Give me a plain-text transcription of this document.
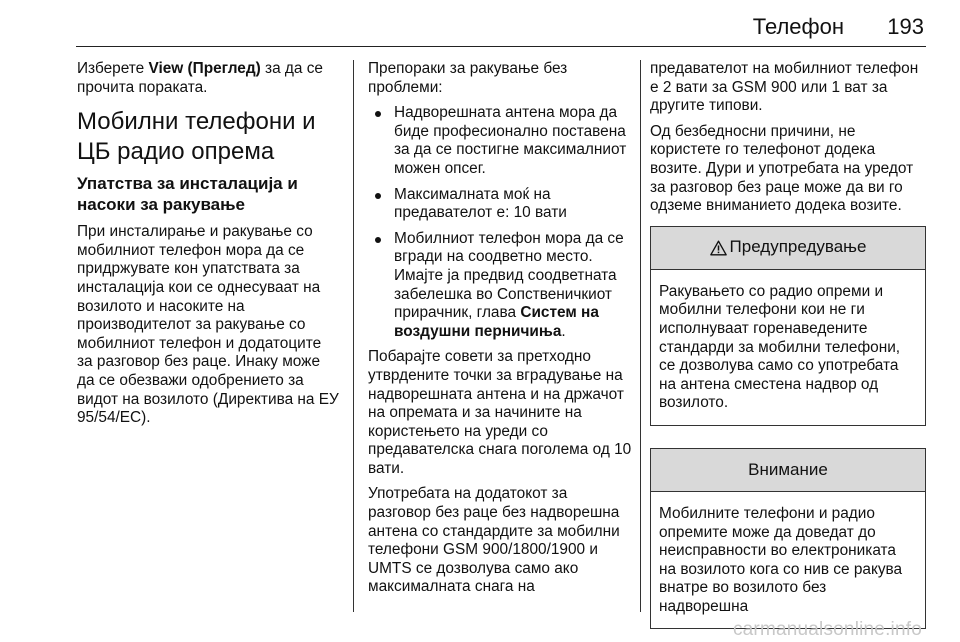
Телефон 193

Изберете View (Преглед) за да се прочита пораката.

Мобилни телефони и ЦБ радио опрема
Упатства за инсталација и насоки за ракување

При инсталирање и ракување со мобилниот телефон мора да се придржувате кон упатствата за инсталација кои се однесуваат на возилото и насоките на производителот за ракување со мобилниот телефон и додатоците за разговор без раце. Инаку може да се обезважи одобрението за видот на возилото (Директива на ЕУ 95/54/ЕС).

Препораки за ракување без проблеми:

Надворешната антена мора да биде професионално поставена за да се постигне максималниот можен опсег.
Максималната моќ на предавателот е: 10 вати
Мобилниот телефон мора да се вгради на соодветно место. Имајте ја предвид соодветната забелешка во Сопственичкиот прирачник, глава Систем на воздушни перничиња.

Побарајте совети за претходно утврдените точки за вградување на надворешната антена и на држачот на опремата и за начините на користењето на уреди со предавателска снага поголема од 10 вати.

Употребата на додатокот за разговор без раце без надворешна антена со стандардите за мобилни телефони GSM 900/1800/1900 и UMTS се дозволува само ако максималната снага на

предавателот на мобилниот телефон е 2 вати за GSM 900 или 1 ват за другите типови.

Од безбедносни причини, не користете го телефонот додека возите. Дури и употребата на уредот за разговор без раце може да ви го одземе вниманието додека возите.

Предупредување
Ракувањето со радио опреми и мобилни телефони кои не ги исполнуваат горенаведените стандарди за мобилни телефони, се дозволува само со употребата на антена сместена надвор од возилото.
Внимание
Мобилните телефони и радио опремите може да доведат до неисправности во електрониката на возилото кога со нив се ракува внатре во возилото без надворешна
carmanualsonline.info
